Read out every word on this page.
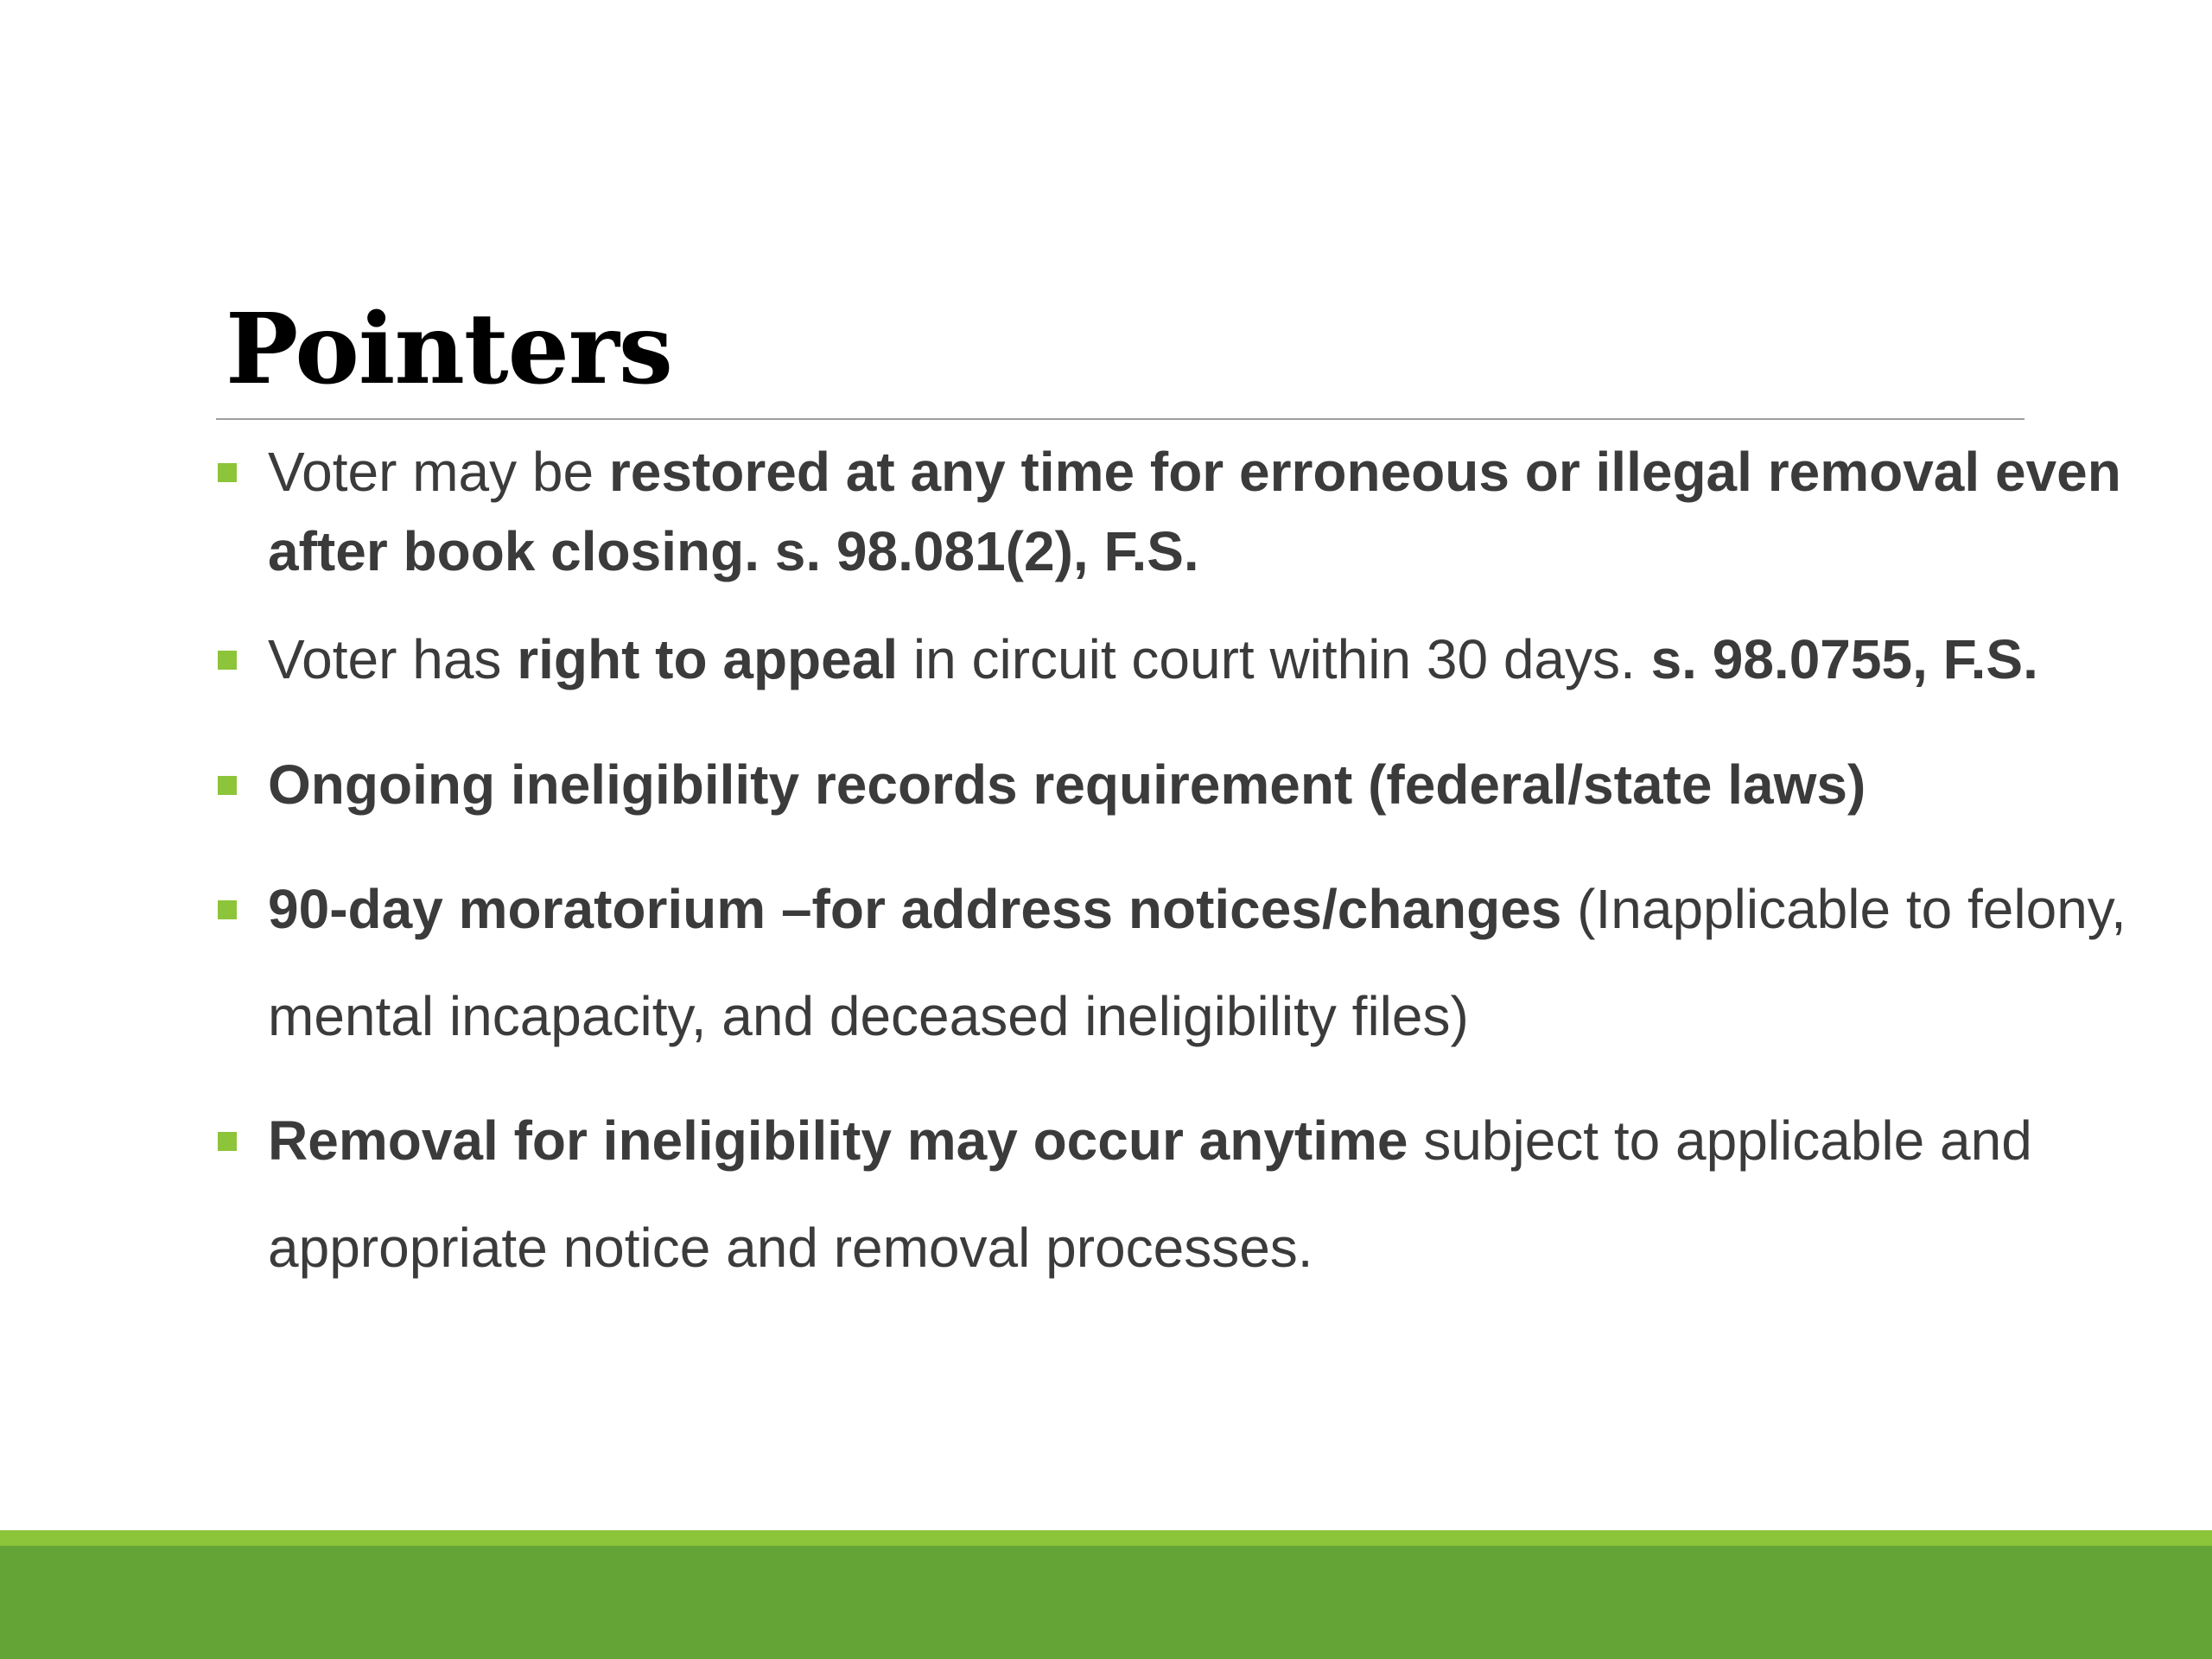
Pointers
Voter may be restored at any time for erroneous or illegal removal even after book closing. s. 98.081(2), F.S.
Voter has right to appeal in circuit court within 30 days. s. 98.0755, F.S.
Ongoing ineligibility records requirement (federal/state laws)
90-day moratorium –for address notices/changes (Inapplicable to felony, mental incapacity, and deceased ineligibility files)
Removal for ineligibility may occur anytime subject to applicable and appropriate notice and removal processes.
